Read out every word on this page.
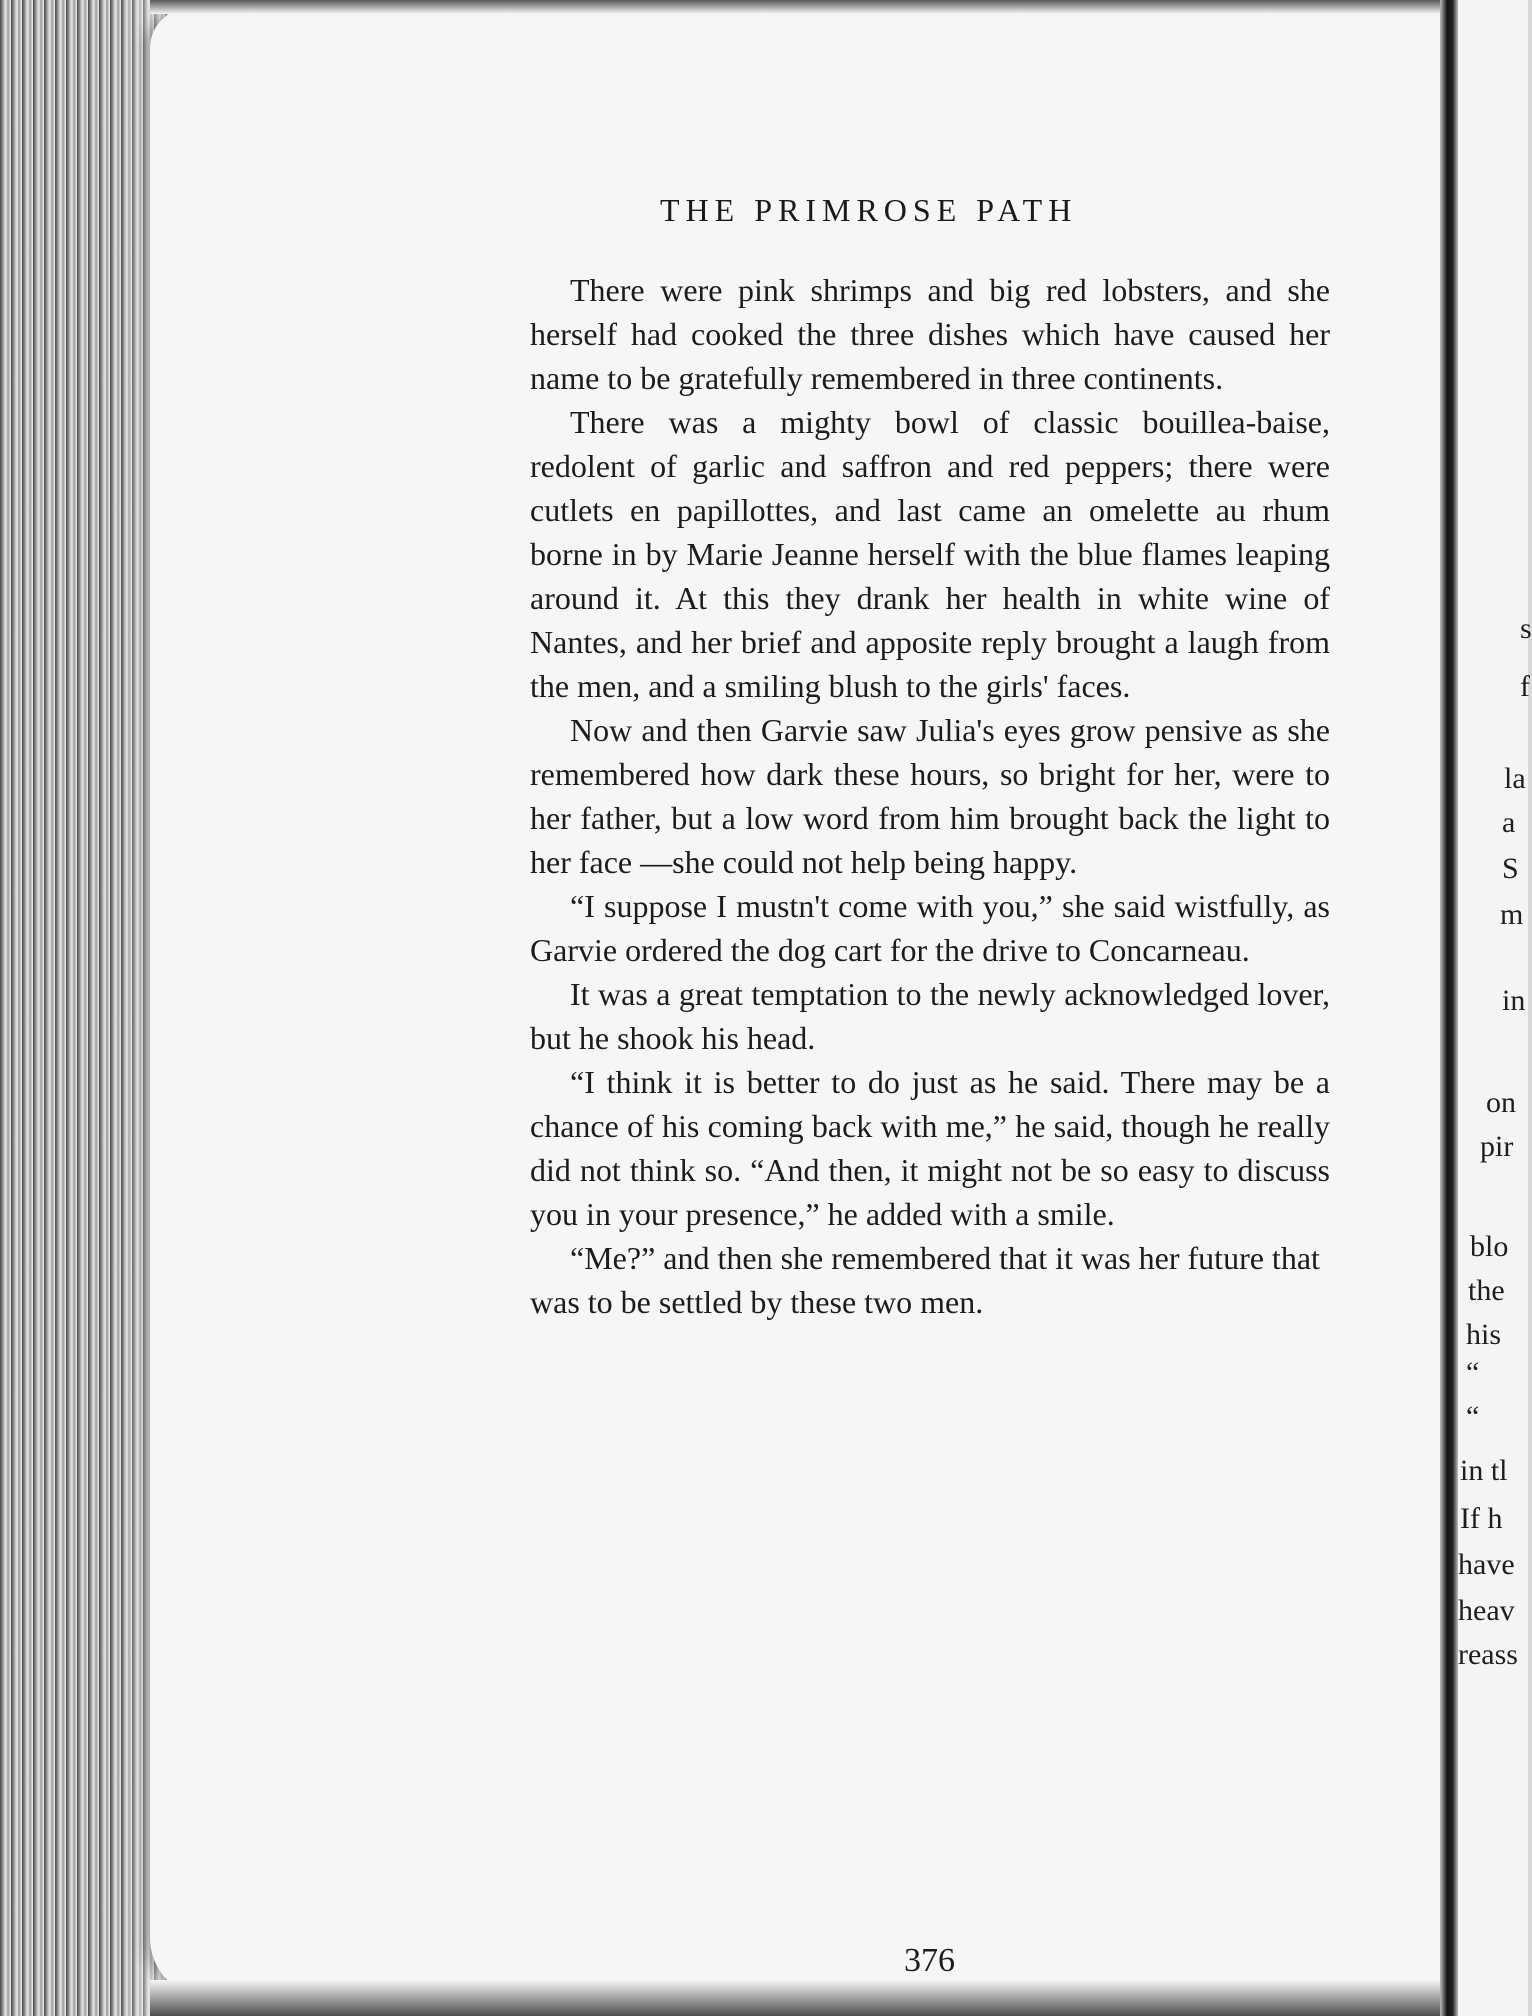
THE PRIMROSE PATH

There were pink shrimps and big red lobsters, and she herself had cooked the three dishes which have caused her name to be gratefully remembered in three continents.

There was a mighty bowl of classic bouillea-baise, redolent of garlic and saffron and red peppers; there were cutlets en papillottes, and last came an omelette au rhum borne in by Marie Jeanne herself with the blue flames leaping around it. At this they drank her health in white wine of Nantes, and her brief and apposite reply brought a laugh from the men, and a smiling blush to the girls' faces.

Now and then Garvie saw Julia's eyes grow pensive as she remembered how dark these hours, so bright for her, were to her father, but a low word from him brought back the light to her face —she could not help being happy.

“I suppose I mustn't come with you,” she said wistfully, as Garvie ordered the dog cart for the drive to Concarneau.

It was a great temptation to the newly acknowledged lover, but he shook his head.

“I think it is better to do just as he said. There may be a chance of his coming back with me,” he said, though he really did not think so. “And then, it might not be so easy to discuss you in your presence,” he added with a smile.

“Me?” and then she remembered that it was her future that was to be settled by these two men.

376
s
f
la
a
S
m
in
on
pir
blo
the
his
“
“
in tl
If h
have
heav
reass
